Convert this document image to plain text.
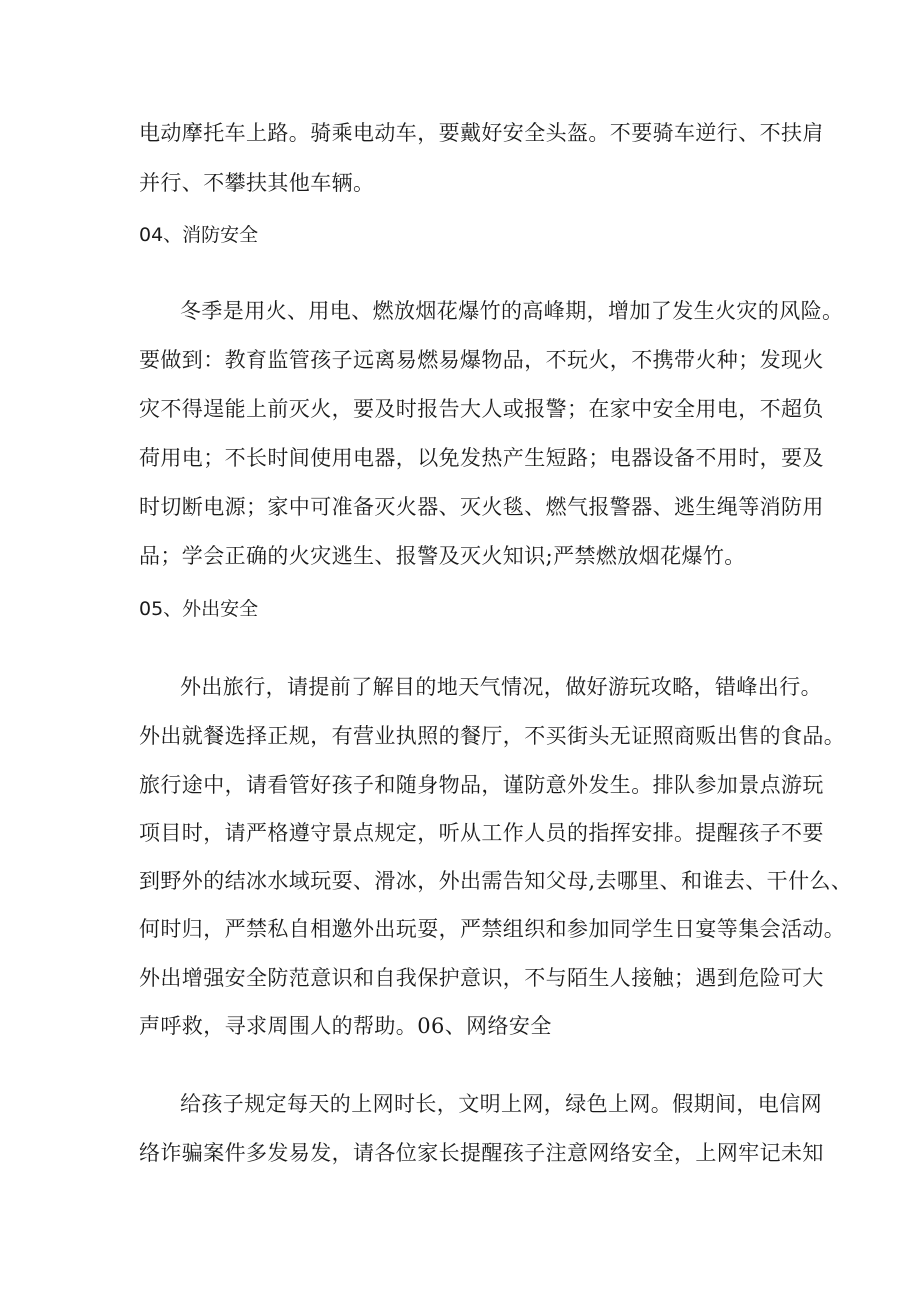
电动摩托车上路。骑乘电动车，要戴好安全头盔。不要骑车逆行、不扶肩
并行、不攀扶其他车辆。
04、消防安全
冬季是用火、用电、燃放烟花爆竹的高峰期，增加了发生火灾的风险。
要做到：教育监管孩子远离易燃易爆物品，不玩火，不携带火种；发现火
灾不得逞能上前灭火，要及时报告大人或报警；在家中安全用电，不超负
荷用电；不长时间使用电器，以免发热产生短路；电器设备不用时，要及
时切断电源；家中可准备灭火器、灭火毯、燃气报警器、逃生绳等消防用
品；学会正确的火灾逃生、报警及灭火知识;严禁燃放烟花爆竹。
05、外出安全
外出旅行，请提前了解目的地天气情况，做好游玩攻略，错峰出行。
外出就餐选择正规，有营业执照的餐厅，不买街头无证照商贩出售的食品。
旅行途中，请看管好孩子和随身物品，谨防意外发生。排队参加景点游玩
项目时，请严格遵守景点规定，听从工作人员的指挥安排。提醒孩子不要
到野外的结冰水域玩耍、滑冰，外出需告知父母,去哪里、和谁去、干什么、
何时归，严禁私自相邀外出玩耍，严禁组织和参加同学生日宴等集会活动。
外出增强安全防范意识和自我保护意识，不与陌生人接触；遇到危险可大
声呼救，寻求周围人的帮助。06、网络安全
给孩子规定每天的上网时长，文明上网，绿色上网。假期间，电信网
络诈骗案件多发易发，请各位家长提醒孩子注意网络安全，上网牢记未知
